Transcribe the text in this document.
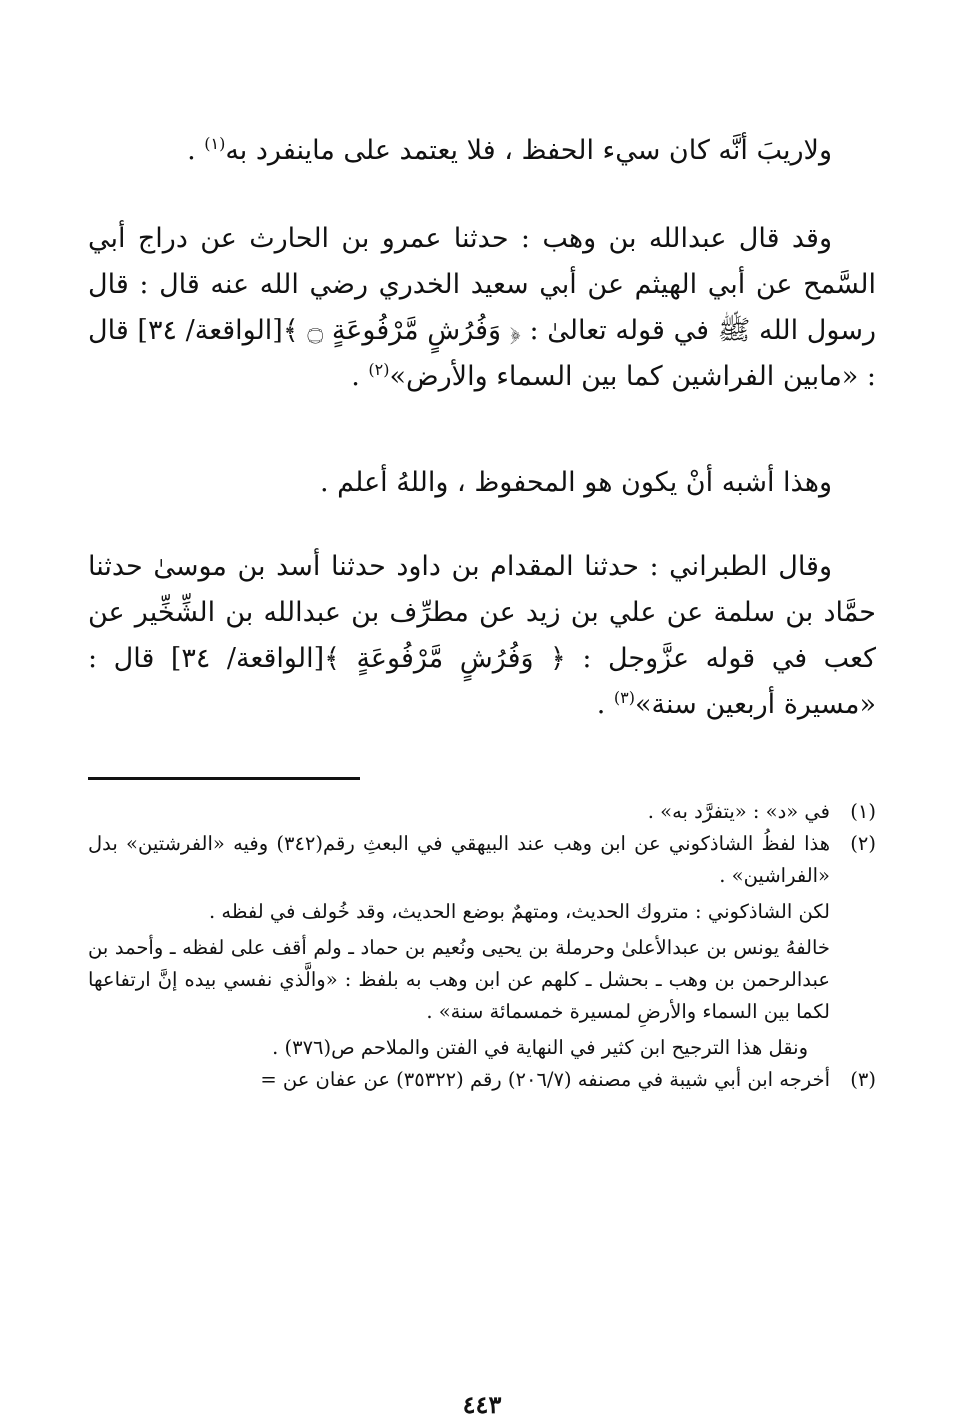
ولاريبَ أنَّه كان سيء الحفظ ، فلا يعتمد على ماينفرد به$^{(١)}$ .

وقد قال عبدالله بن وهب : حدثنا عمرو بن الحارث عن دراج أبي السَّمح عن أبي الهيثم عن أبي سعيد الخدري رضي الله عنه قال : قال رسول الله ﷺ في قوله تعالىٰ : ﴿ وَفُرُشٍ مَّرْفُوعَةٍ ۝ ﴾[الواقعة/ ٣٤] قال : «مابين الفراشين كما بين السماء والأرض»$^{(٢)}$ .

وهذا أشبه أنْ يكون هو المحفوظ ، واللهُ أعلم .

وقال الطبراني : حدثنا المقدام بن داود حدثنا أسد بن موسىٰ حدثنا حمَّاد بن سلمة عن علي بن زيد عن مطرِّف بن عبدالله بن الشِّخِّير عن كعب في قوله عزَّوجل : ﴿ وَفُرُشٍ مَّرْفُوعَةٍ ﴾[الواقعة/ ٣٤] قال : «مسيرة أربعين سنة»$^{(٣)}$ .

(١)
في «د» : «يتفرَّد به» .
(٢)
هذا لفظُ الشاذكوني عن ابن وهب عند البيهقي في البعثِ رقم(٣٤٢) وفيه «الفرشتين» بدل «الفراشين» .
لكن الشاذكوني : متروك الحديث، ومتهمٌ بوضع الحديث، وقد خُولف في لفظه .
خالفهُ يونس بن عبدالأعلىٰ وحرملة بن يحيى ونُعيم بن حماد ـ ولم أقف على لفظه ـ وأحمد بن عبدالرحمن بن وهب ـ بحشل ـ كلهم عن ابن وهب به بلفظ : «والَّذي نفسي بيده إنَّ ارتفاعها لكما بين السماء والأرضِ لمسيرة خمسمائة سنة» .
ونقل هذا الترجيح ابن كثير في النهاية في الفتن والملاحم ص(٣٧٦) .
(٣)
أخرجه ابن أبي شيبة في مصنفه (٢٠٦/٧) رقم (٣٥٣٢٢) عن عفان عن =
٤٤٣
